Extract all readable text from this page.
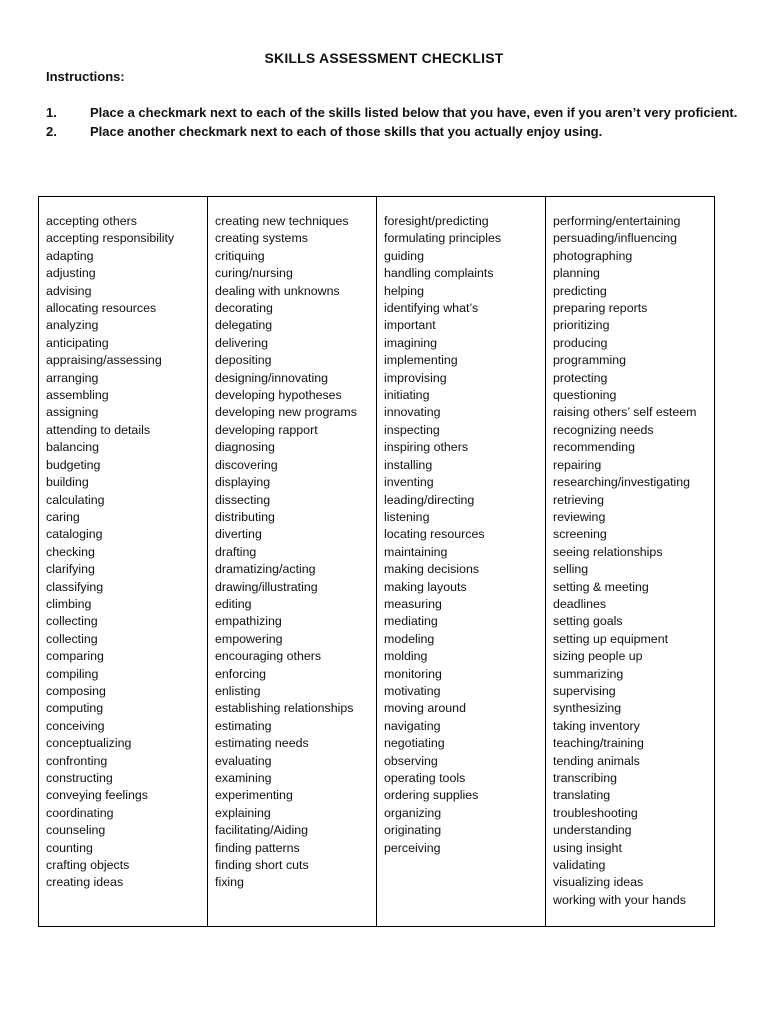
SKILLS ASSESSMENT CHECKLIST
Instructions:
1.	Place a checkmark next to each of the skills listed below that you have, even if you aren’t very proficient.
2.	Place another checkmark next to each of those skills that you actually enjoy using.
accepting others
accepting responsibility
adapting
adjusting
advising
allocating resources
analyzing
anticipating
appraising/assessing
arranging
assembling
assigning
attending to details
balancing
budgeting
building
calculating
caring
cataloging
checking
clarifying
classifying
climbing
collecting
collecting
comparing
compiling
composing
computing
conceiving
conceptualizing
confronting
constructing
conveying feelings
coordinating
counseling
counting
crafting objects
creating ideas
creating new techniques
creating systems
critiquing
curing/nursing
dealing with unknowns
decorating
delegating
delivering
depositing
designing/innovating
developing hypotheses
developing new programs
developing rapport
diagnosing
discovering
displaying
dissecting
distributing
diverting
drafting
dramatizing/acting
drawing/illustrating
editing
empathizing
empowering
encouraging others
enforcing
enlisting
establishing relationships
estimating
estimating needs
evaluating
examining
experimenting
explaining
facilitating/Aiding
finding patterns
finding short cuts
fixing
foresight/predicting
formulating principles
guiding
handling complaints
helping
identifying what’s
important
imagining
implementing
improvising
initiating
innovating
inspecting
inspiring others
installing
inventing
leading/directing
listening
locating resources
maintaining
making decisions
making layouts
measuring
mediating
modeling
molding
monitoring
motivating
moving around
navigating
negotiating
observing
operating tools
ordering supplies
organizing
originating
perceiving
performing/entertaining
persuading/influencing
photographing
planning
predicting
preparing reports
prioritizing
producing
programming
protecting
questioning
raising others’ self esteem
recognizing needs
recommending
repairing
researching/investigating
retrieving
reviewing
screening
seeing relationships
selling
setting & meeting
deadlines
setting goals
setting up equipment
sizing people up
summarizing
supervising
synthesizing
taking inventory
teaching/training
tending animals
transcribing
translating
troubleshooting
understanding
using insight
validating
visualizing ideas
working with your hands
